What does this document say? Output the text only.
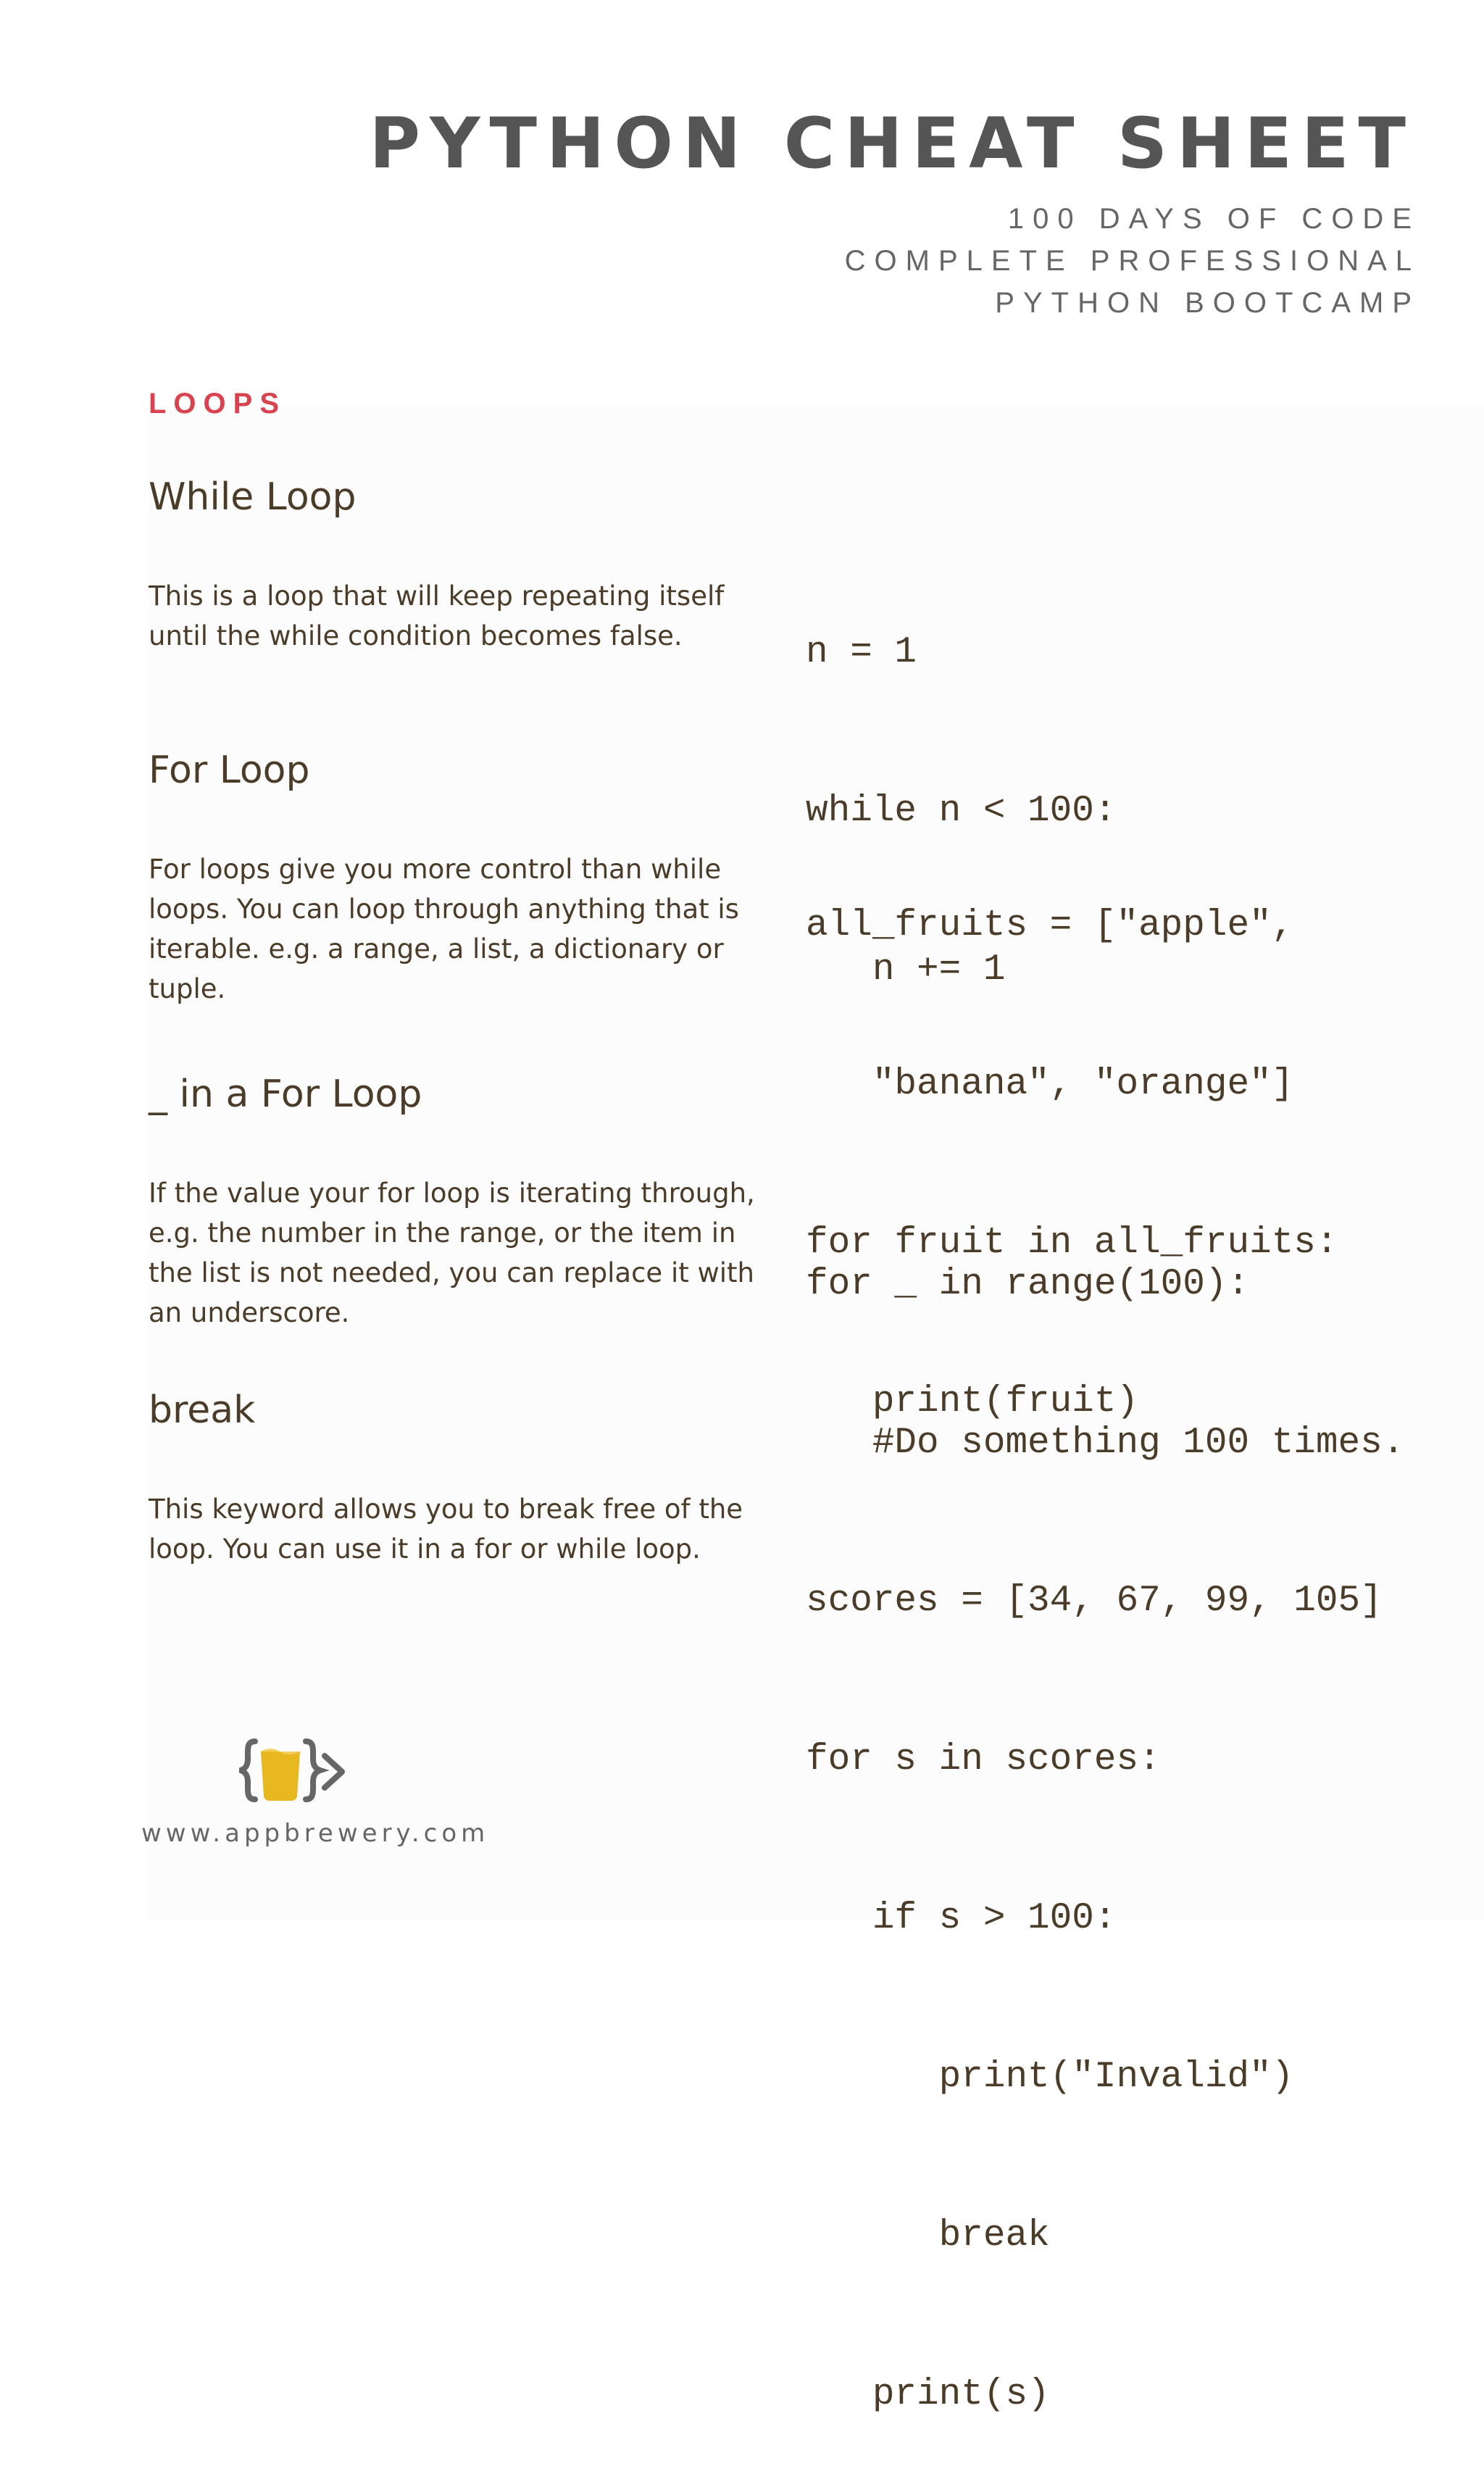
PYTHON CHEAT SHEET
100 DAYS OF CODE
COMPLETE PROFESSIONAL
PYTHON BOOTCAMP
LOOPS
While Loop

This is a loop that will keep repeating itself until the while condition becomes false.

	n = 1

while n < 100:

n += 1

For Loop

For loops give you more control than while loops. You can loop through anything that is iterable. e.g. a range, a list, a dictionary or tuple.

all_fruits = ["apple",

"banana", "orange"]

for fruit in all_fruits:

print(fruit)

_ in a For Loop

If the value your for loop is iterating through, e.g. the number in the range, or the item in the list is not needed, you can replace it with an underscore.

for _ in range(100):

#Do something 100 times.

break

This keyword allows you to break free of the loop. You can use it in a for or while loop.

scores = [34, 67, 99, 105]

for s in scores:

if s > 100:

print("Invalid")

break

print(s)

www.appbrewery.com
